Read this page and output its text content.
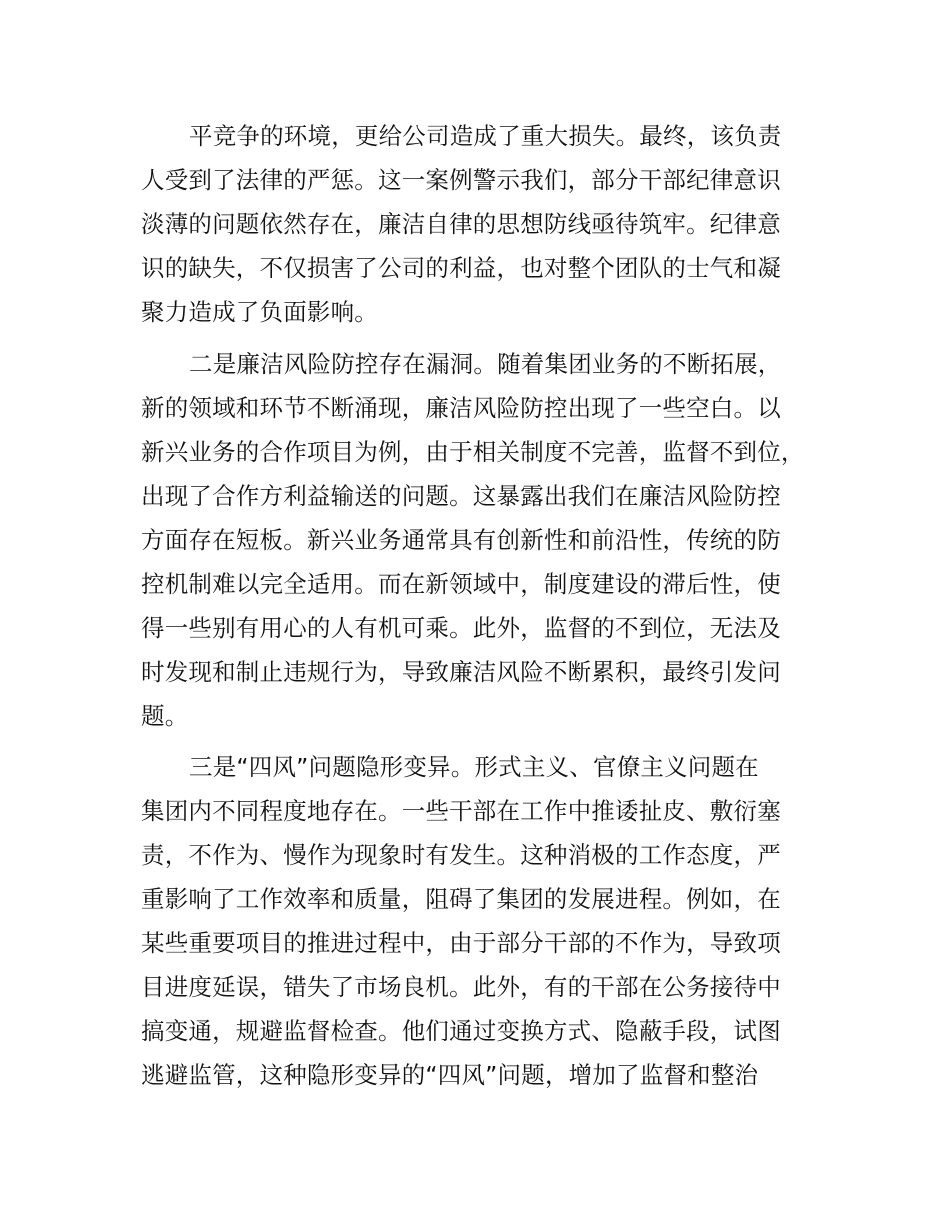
平竞争的环境，更给公司造成了重大损失。最终，该负责
人受到了法律的严惩。这一案例警示我们，部分干部纪律意识
淡薄的问题依然存在，廉洁自律的思想防线亟待筑牢。纪律意
识的缺失，不仅损害了公司的利益，也对整个团队的士气和凝
聚力造成了负面影响。
二是廉洁风险防控存在漏洞。随着集团业务的不断拓展，
新的领域和环节不断涌现，廉洁风险防控出现了一些空白。以
新兴业务的合作项目为例，由于相关制度不完善，监督不到位，
出现了合作方利益输送的问题。这暴露出我们在廉洁风险防控
方面存在短板。新兴业务通常具有创新性和前沿性，传统的防
控机制难以完全适用。而在新领域中，制度建设的滞后性，使
得一些别有用心的人有机可乘。此外，监督的不到位，无法及
时发现和制止违规行为，导致廉洁风险不断累积，最终引发问
题。
三是“四风”问题隐形变异。形式主义、官僚主义问题在
集团内不同程度地存在。一些干部在工作中推诿扯皮、敷衍塞
责，不作为、慢作为现象时有发生。这种消极的工作态度，严
重影响了工作效率和质量，阻碍了集团的发展进程。例如，在
某些重要项目的推进过程中，由于部分干部的不作为，导致项
目进度延误，错失了市场良机。此外，有的干部在公务接待中
搞变通，规避监督检查。他们通过变换方式、隐蔽手段，试图
逃避监管，这种隐形变异的“四风”问题，增加了监督和整治
